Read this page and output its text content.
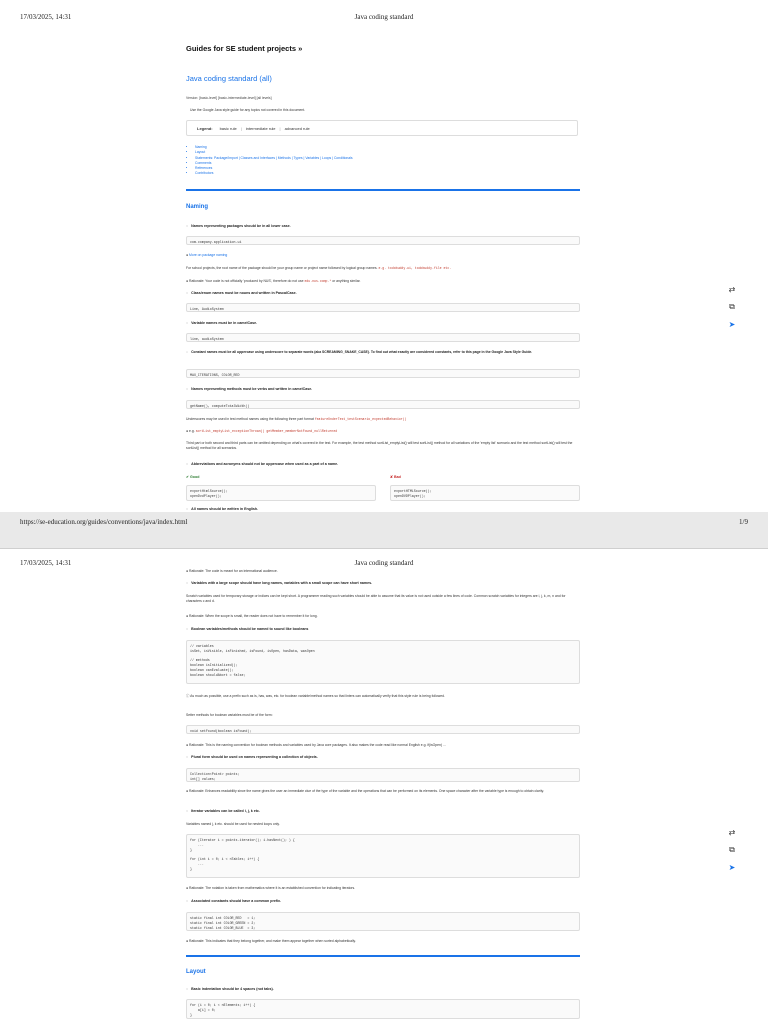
17/03/2025, 14:31	Java coding standard
Guides for SE student projects »
Java coding standard (all)
Version: [basic-level] [basic-intermediate-level] [all levels]
Use the Google Java style guide for any topics not covered in this document.
Legend: basic rule | intermediate rule | advanced rule
• Naming
• Layout
• Statements: Package/Import | Classes and Interfaces | Methods | Types | Variables | Loops | Conditionals
• Comments
• References
• Contributors
Naming
○ Names representing packages should be in all lower case.
com.company.application.ui
● More on package naming
For school projects, the root name of the package should be your group name or project name followed by logical group names. e.g. todobuddy.ui, todobuddy.file etc.
● Rationale: Your code is not officially 'produced by NUS', therefore do not use edu.nus.comp.* or anything similar.
○ Class/enum names must be nouns and written in PascalCase.
Line, AudioSystem
○ Variable names must be in camelCase.
line, audioSystem
○ Constant names must be all uppercase using underscore to separate words (aka SCREAMING_SNAKE_CASE). To find out what exactly are considered constants, refer to this page in the Google Java Style Guide.
MAX_ITERATIONS, COLOR_RED
○ Names representing methods must be verbs and written in camelCase.
getName(), computeTotalWidth()
Underscores may be used in test method names using the following three part format featureUnderTest_testScenario_expectedBehavior()
● e.g. sortList_emptyList_exceptionThrown() getMember_memberNotFound_nullReturned
Third part or both second and third parts can be omitted depending on what's covered in the test. For example, the test method sortList_emptyList() will test sortList() method for all variations of the 'empty list' scenario and the test method sortList() will test the sortList() method for all scenarios.
○ Abbreviations and acronyms should not be uppercase when used as a part of a name.
✔ Good	✘ Bad
exportHtmlSource();
openDvdPlayer();
exportHTMLSource();
openDVDPlayer();
○ All names should be written in English.
⇄
⧉
➤
https://se-education.org/guides/conventions/java/index.html	1/9
17/03/2025, 14:31	Java coding standard
● Rationale: The code is meant for an international audience.
○ Variables with a large scope should have long names, variables with a small scope can have short names.
Scratch variables used for temporary storage or indices can be kept short. A programmer reading such variables should be able to assume that its value is not used outside a few lines of code. Common scratch variables for integers are i, j, k, m, n and for characters c and d.
● Rationale: When the scope is small, the reader does not have to remember it for long.
○ Boolean variables/methods should be named to sound like booleans
// variables
isSet, isVisible, isFinished, isFound, isOpen, hasData, wasOpen

// methods
boolean isInitialized();
boolean canEvaluate();
boolean shouldAbort = false;
ⓘ As much as possible, use a prefix such as is, has, was, etc. for boolean variable/method names so that linters can automatically verify that this style rule is being followed.
Setter methods for boolean variables must be of the form:
void setFound(boolean isFound);
● Rationale: This is the naming convention for boolean methods and variables used by Java core packages. It also makes the code read like normal English e.g. if(isOpen) ...
○ Plural form should be used on names representing a collection of objects.
Collection<Point> points;
int[] values;
● Rationale: Enhances readability since the name gives the user an immediate clue of the type of the variable and the operations that can be performed on its elements. One space character after the variable type is enough to obtain clarity.
○ Iterator variables can be called i, j, k etc.
Variables named j, k etc. should be used for nested loops only.
for (Iterator i = points.iterator(); i.hasNext(); ) {
...
}

for (int i = 0; i < nTables; i++) {
...
}
● Rationale: The notation is taken from mathematics where it is an established convention for indicating iterators.
○ Associated constants should have a common prefix.
static final int COLOR_RED   = 1;
static final int COLOR_GREEN = 2;
static final int COLOR_BLUE  = 3;
● Rationale: This indicates that they belong together, and make them appear together when sorted alphabetically.
Layout
○ Basic indentation should be 4 spaces (not tabs).
for (i = 0; i < nElements; i++) {
a[i] = 0;
}
⇄
⧉
➤
